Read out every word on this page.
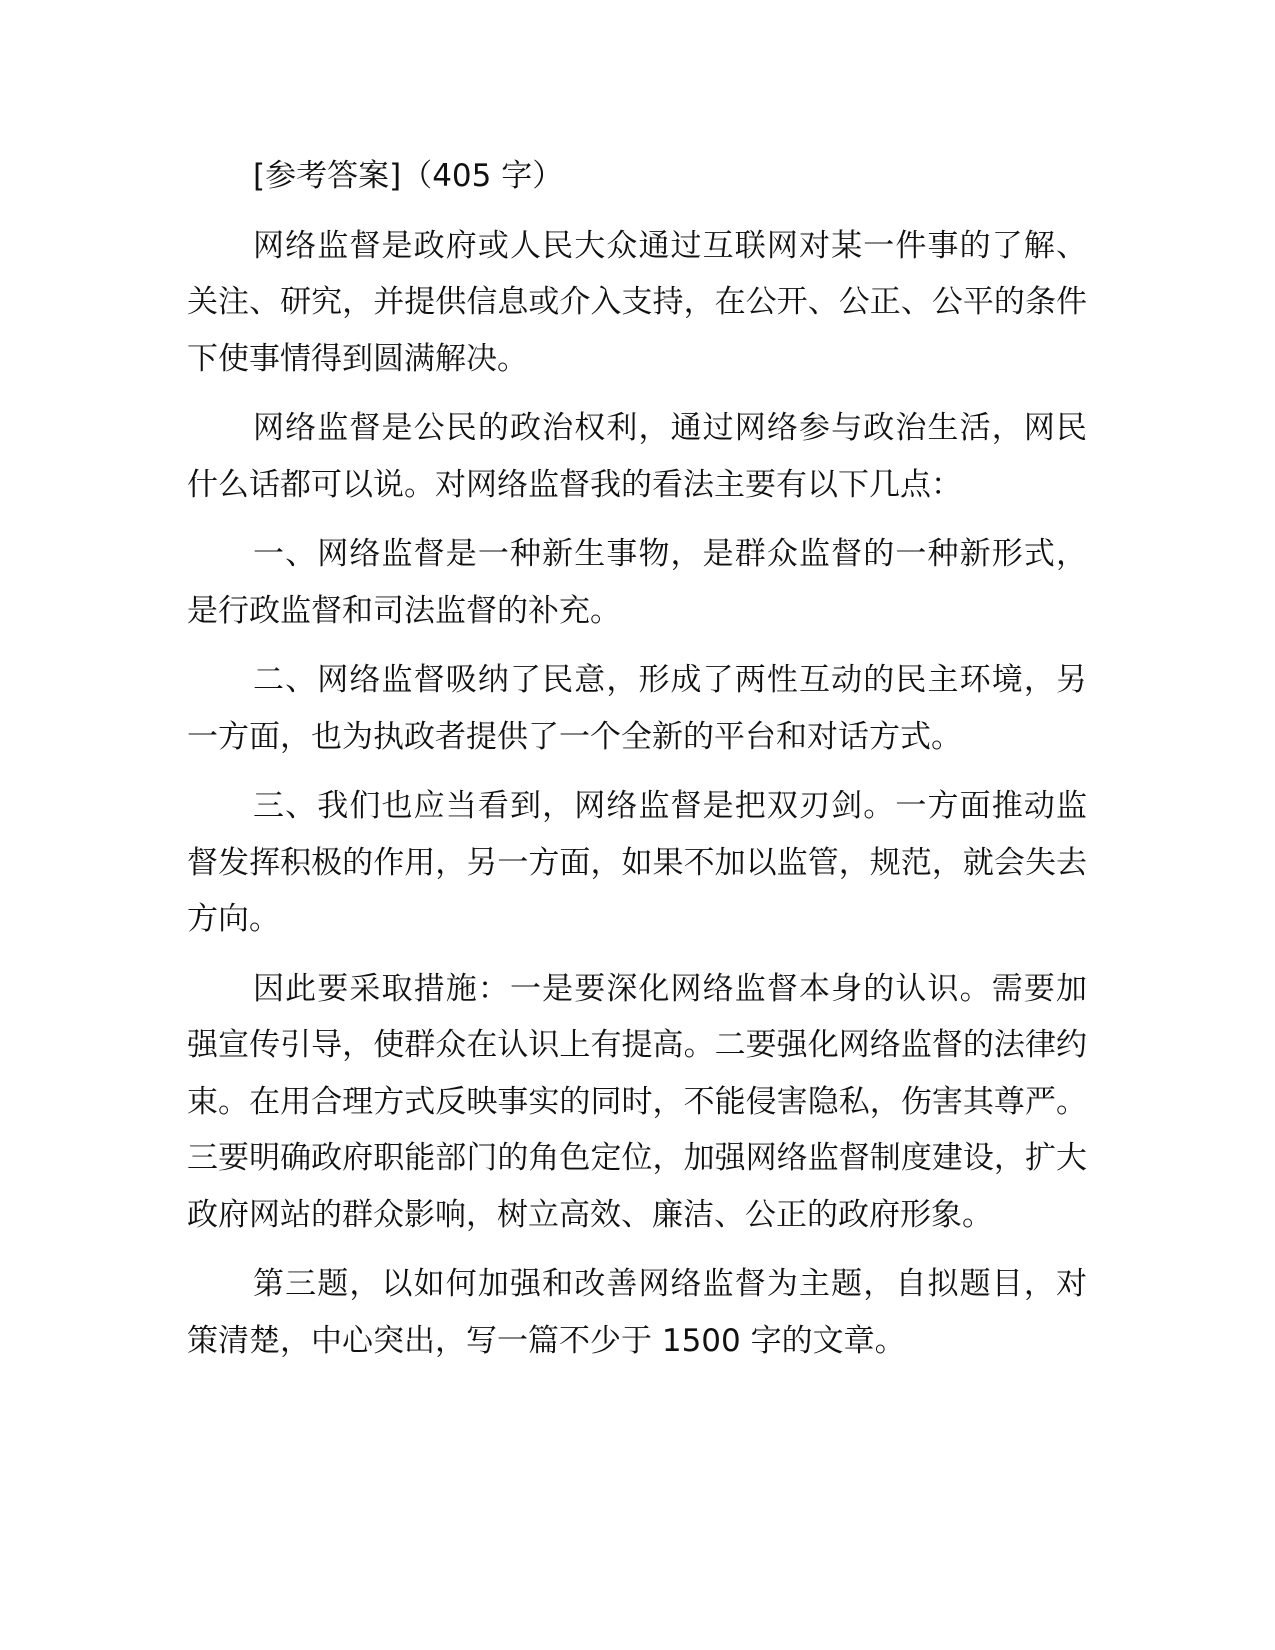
[参考答案]（405 字）

网络监督是政府或人民大众通过互联网对某一件事的了解、关注、研究，并提供信息或介入支持，在公开、公正、公平的条件下使事情得到圆满解决。

网络监督是公民的政治权利，通过网络参与政治生活，网民什么话都可以说。对网络监督我的看法主要有以下几点：

一、网络监督是一种新生事物，是群众监督的一种新形式，是行政监督和司法监督的补充。

二、网络监督吸纳了民意，形成了两性互动的民主环境，另一方面，也为执政者提供了一个全新的平台和对话方式。

三、我们也应当看到，网络监督是把双刃剑。一方面推动监督发挥积极的作用，另一方面，如果不加以监管，规范，就会失去方向。

因此要采取措施：一是要深化网络监督本身的认识。需要加强宣传引导，使群众在认识上有提高。二要强化网络监督的法律约束。在用合理方式反映事实的同时，不能侵害隐私，伤害其尊严。三要明确政府职能部门的角色定位，加强网络监督制度建设，扩大政府网站的群众影响，树立高效、廉洁、公正的政府形象。

第三题，以如何加强和改善网络监督为主题，自拟题目，对策清楚，中心突出，写一篇不少于 1500 字的文章。
